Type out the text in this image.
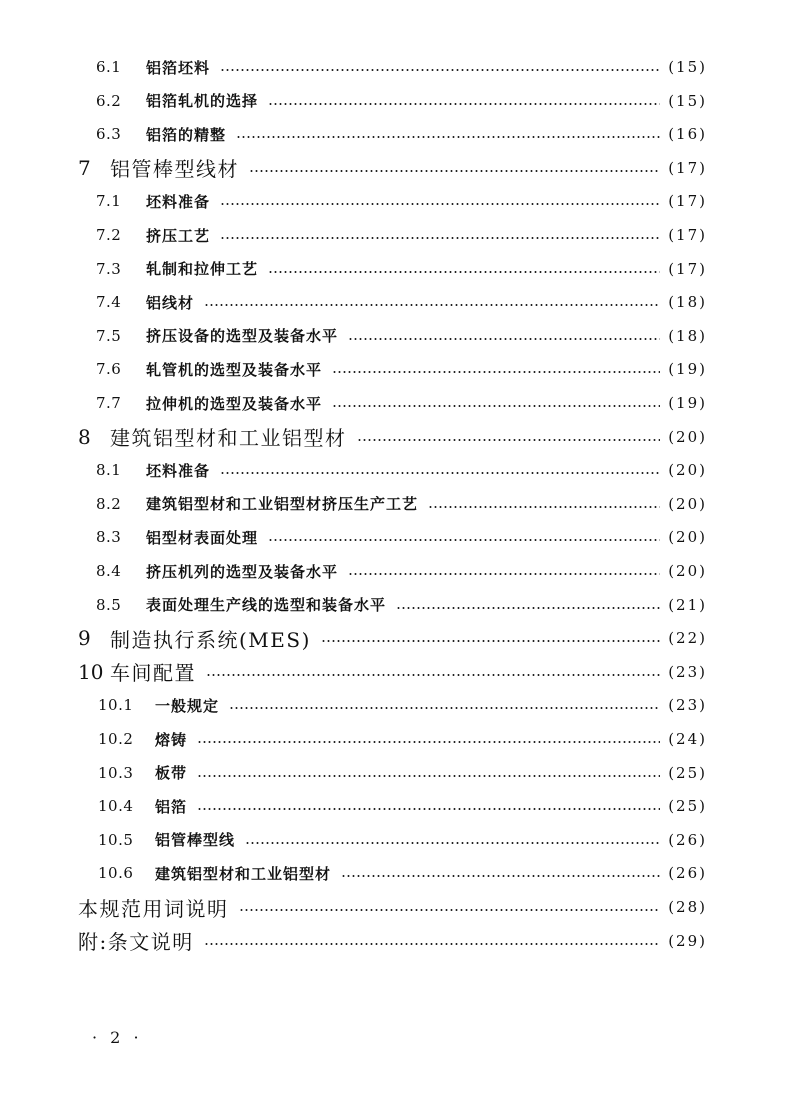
6.1	铝箔坯料	(15)
6.2	铝箔轧机的选择	(15)
6.3	铝箔的精整	(16)
7 铝管棒型线材	(17)
7.1	坯料准备	(17)
7.2	挤压工艺	(17)
7.3	轧制和拉伸工艺	(17)
7.4	铝线材	(18)
7.5	挤压设备的选型及装备水平	(18)
7.6	轧管机的选型及装备水平	(19)
7.7	拉伸机的选型及装备水平	(19)
8 建筑铝型材和工业铝型材	(20)
8.1	坯料准备	(20)
8.2	建筑铝型材和工业铝型材挤压生产工艺	(20)
8.3	铝型材表面处理	(20)
8.4	挤压机列的选型及装备水平	(20)
8.5	表面处理生产线的选型和装备水平	(21)
9 制造执行系统(MES)	(22)
10 车间配置	(23)
10.1	一般规定	(23)
10.2	熔铸	(24)
10.3	板带	(25)
10.4	铝箔	(25)
10.5	铝管棒型线	(26)
10.6	建筑铝型材和工业铝型材	(26)
本规范用词说明	(28)
附:条文说明	(29)
· 2 ·
